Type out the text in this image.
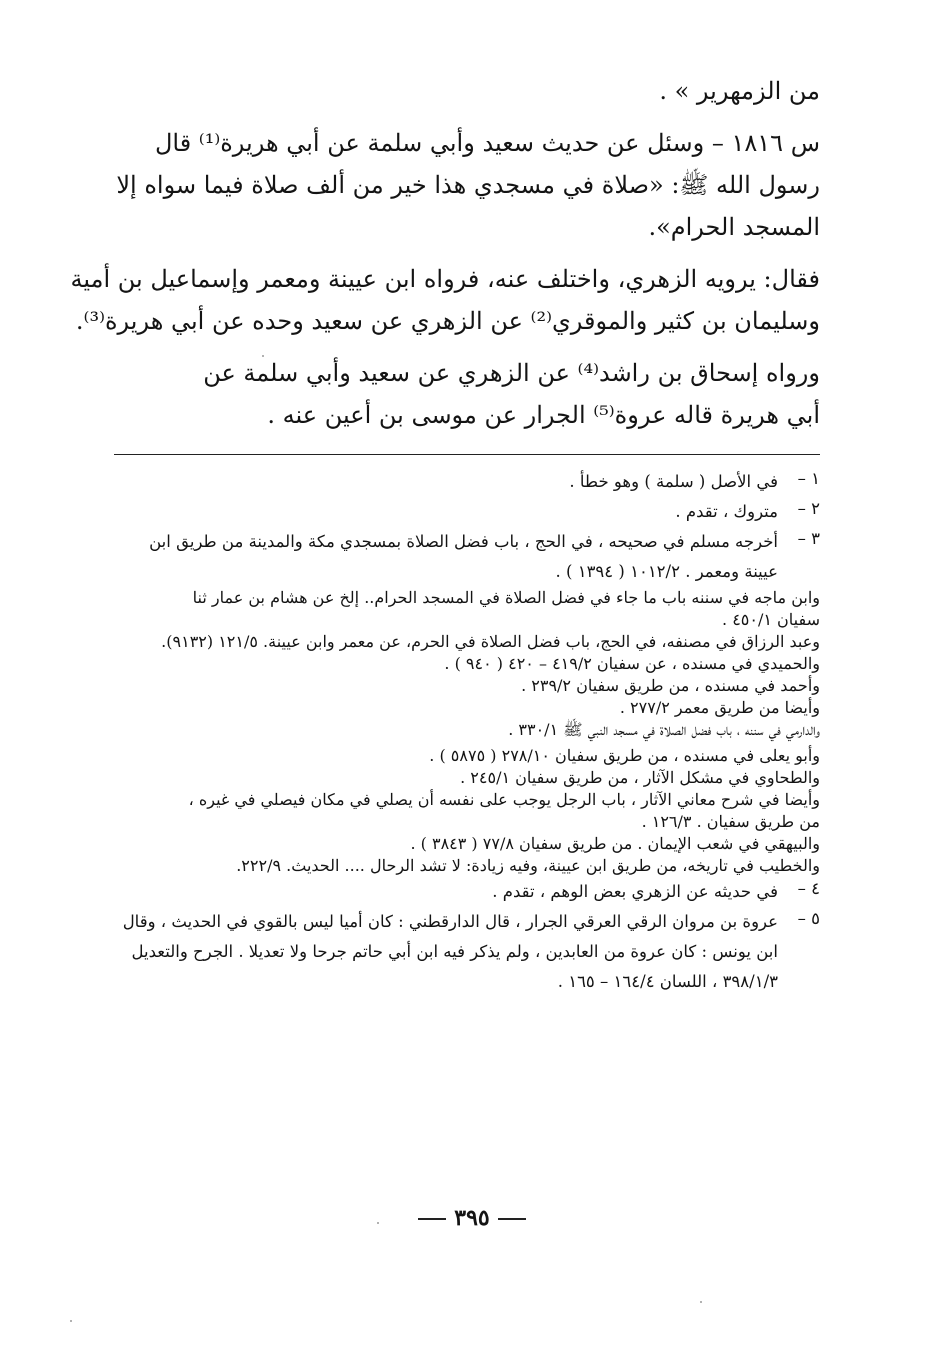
من الزمهرير » .

س ١٨١٦ – وسئل عن حديث سعيد وأبي سلمة عن أبي هريرة⁽¹⁾ قال

رسول الله ﷺ: «صلاة في مسجدي هذا خير من ألف صلاة فيما سواه إلا

المسجد الحرام».

فقال: يرويه الزهري، واختلف عنه، فرواه ابن عيينة ومعمر وإسماعيل بن أمية

وسليمان بن كثير والموقري⁽²⁾ عن الزهري عن سعيد وحده عن أبي هريرة⁽³⁾.

ورواه إسحاق بن راشد⁽⁴⁾ عن الزهري عن سعيد وأبي سلمة عن

أبي هريرة قاله عروة⁽⁵⁾ الجرار عن موسى بن أعين عنه .

١ –
في الأصل ( سلمة ) وهو خطأ .
٢ –
متروك ، تقدم .
٣ –
أخرجه مسلم في صحيحه ، في الحج ، باب فضل الصلاة بمسجدي مكة والمدينة من طريق ابن
عيينة ومعمر . ١٠١٢/٢ ( ١٣٩٤ ) .
وابن ماجه في سننه باب ما جاء في فضل الصلاة في المسجد الحرام.. إلخ عن هشام بن عمار ثنا
سفيان ٤٥٠/١ .
وعبد الرزاق في مصنفه، في الحج، باب فضل الصلاة في الحرم، عن معمر وابن عيينة. ١٢١/٥ (٩١٣٢).
والحميدي في مسنده ، عن سفيان ٤١٩/٢ – ٤٢٠ ( ٩٤٠ ) .
وأحمد في مسنده ، من طريق سفيان ٢٣٩/٢ .
وأيضا من طريق معمر ٢٧٧/٢ .
والدارمي في سننه ، باب فضل الصلاة في مسجد النبي ﷺ ٣٣٠/١ .
وأبو يعلى في مسنده ، من طريق سفيان ٢٧٨/١٠ ( ٥٨٧٥ ) .
والطحاوي في مشكل الآثار ، من طريق سفيان ٢٤٥/١ .
وأيضا في شرح معاني الآثار ، باب الرجل يوجب على نفسه أن يصلي في مكان فيصلي في غيره ،
من طريق سفيان . ١٢٦/٣ .
والبيهقي في شعب الإيمان . من طريق سفيان ٧٧/٨ ( ٣٨٤٣ ) .
والخطيب في تاريخه، من طريق ابن عيينة، وفيه زيادة: لا تشد الرحال .... الحديث. ٢٢٢/٩.
٤ –
في حديثه عن الزهري بعض الوهم ، تقدم .
٥ –
عروة بن مروان الرقي العرقي الجرار ، قال الدارقطني : كان أميا ليس بالقوي في الحديث ، وقال
ابن يونس : كان عروة من العابدين ، ولم يذكر فيه ابن أبي حاتم جرحا ولا تعديلا . الجرح والتعديل
٣٩٨/١/٣ ، اللسان ١٦٤/٤ – ١٦٥ .
٣٩٥
